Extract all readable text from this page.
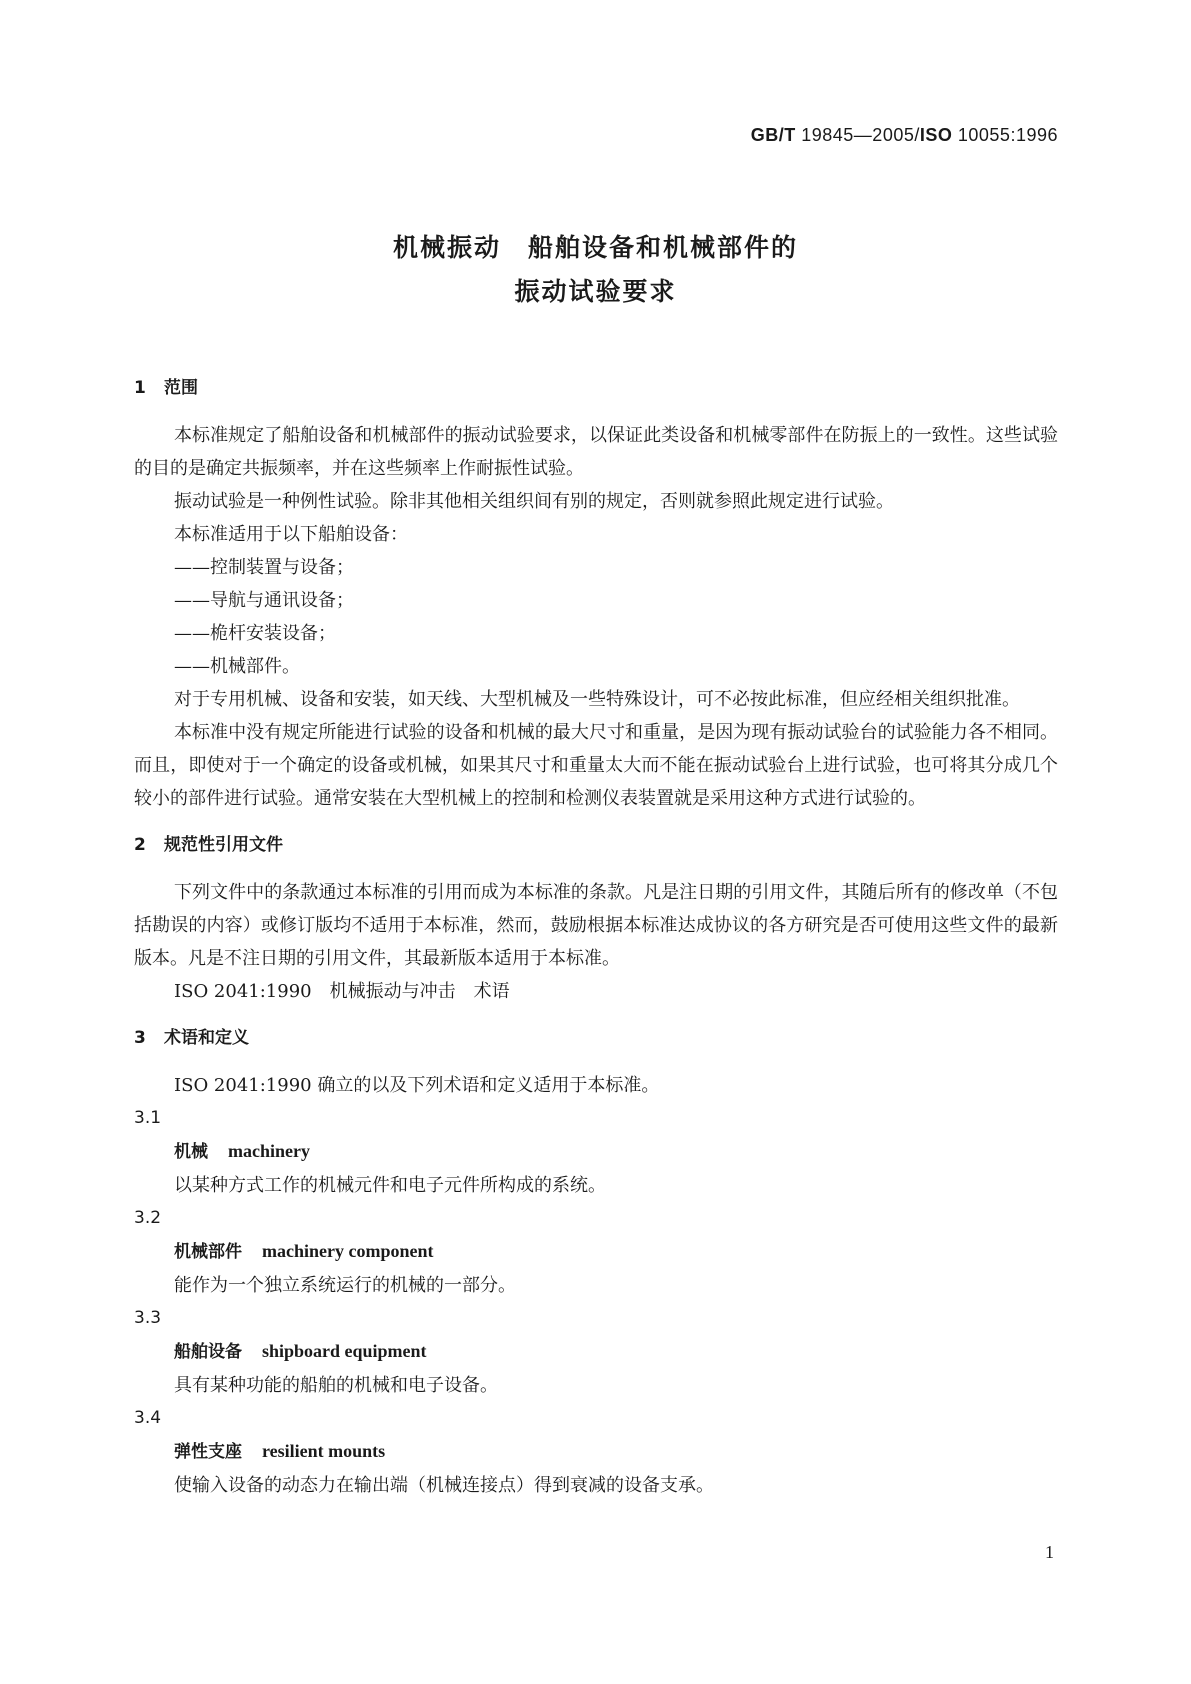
GB/T 19845—2005/ISO 10055:1996
机械振动　船舶设备和机械部件的
振动试验要求
1 范围

本标准规定了船舶设备和机械部件的振动试验要求，以保证此类设备和机械零部件在防振上的一致性。这些试验的目的是确定共振频率，并在这些频率上作耐振性试验。

振动试验是一种例性试验。除非其他相关组织间有别的规定，否则就参照此规定进行试验。

本标准适用于以下船舶设备：

——控制装置与设备；

——导航与通讯设备；

——桅杆安装设备；

——机械部件。

对于专用机械、设备和安装，如天线、大型机械及一些特殊设计，可不必按此标准，但应经相关组织批准。

本标准中没有规定所能进行试验的设备和机械的最大尺寸和重量，是因为现有振动试验台的试验能力各不相同。而且，即使对于一个确定的设备或机械，如果其尺寸和重量太大而不能在振动试验台上进行试验，也可将其分成几个较小的部件进行试验。通常安装在大型机械上的控制和检测仪表装置就是采用这种方式进行试验的。

2 规范性引用文件

下列文件中的条款通过本标准的引用而成为本标准的条款。凡是注日期的引用文件，其随后所有的修改单（不包括勘误的内容）或修订版均不适用于本标准，然而，鼓励根据本标准达成协议的各方研究是否可使用这些文件的最新版本。凡是不注日期的引用文件，其最新版本适用于本标准。

ISO 2041:1990　机械振动与冲击　术语

3 术语和定义

ISO 2041:1990 确立的以及下列术语和定义适用于本标准。

3.1
机械 machinery

以某种方式工作的机械元件和电子元件所构成的系统。

3.2
机械部件 machinery component

能作为一个独立系统运行的机械的一部分。

3.3
船舶设备 shipboard equipment

具有某种功能的船舶的机械和电子设备。

3.4
弹性支座 resilient mounts

使输入设备的动态力在输出端（机械连接点）得到衰减的设备支承。

1
